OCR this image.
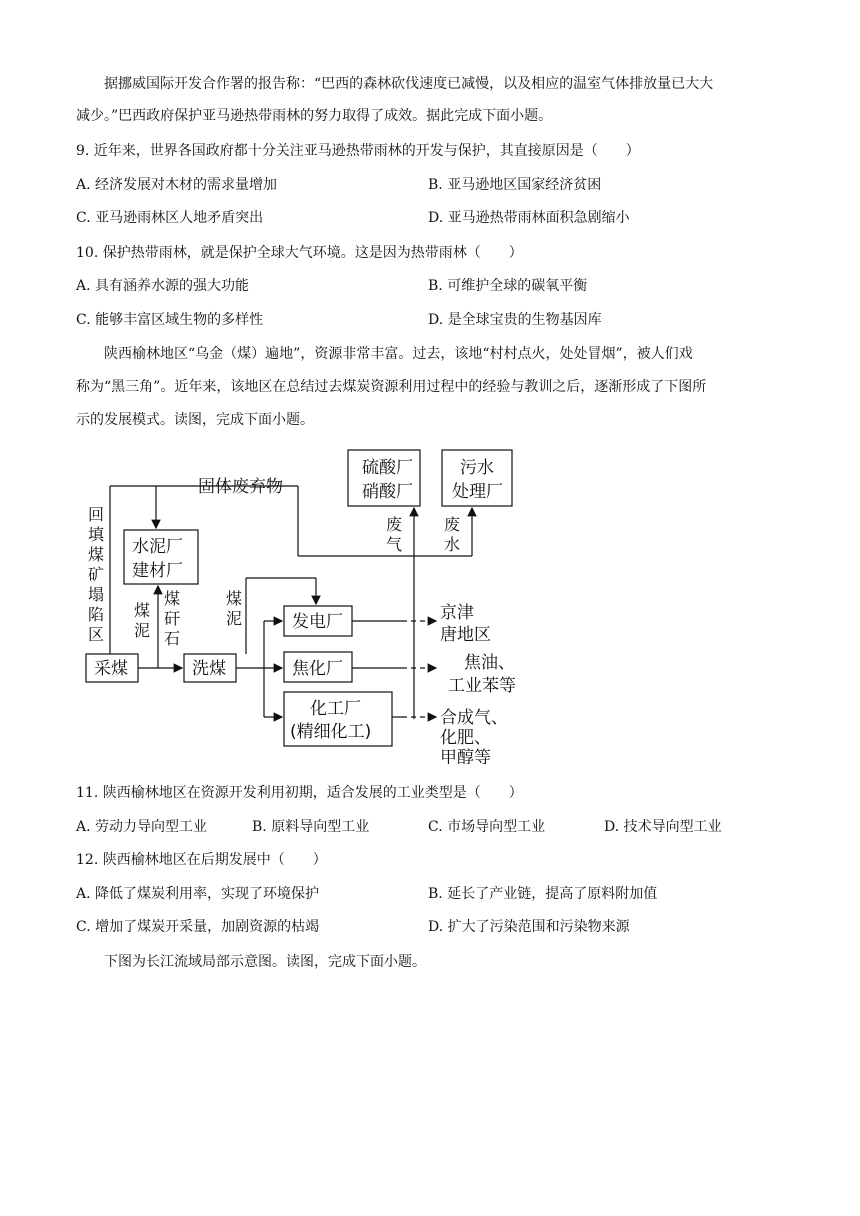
据挪威国际开发合作署的报告称：“巴西的森林砍伐速度已减慢，以及相应的温室气体排放量已大大
减少。”巴西政府保护亚马逊热带雨林的努力取得了成效。据此完成下面小题。
9. 近年来，世界各国政府都十分关注亚马逊热带雨林的开发与保护，其直接原因是（　　）
A. 经济发展对木材的需求量增加	B. 亚马逊地区国家经济贫困
C. 亚马逊雨林区人地矛盾突出	D. 亚马逊热带雨林面积急剧缩小
10. 保护热带雨林，就是保护全球大气环境。这是因为热带雨林（　　）
A. 具有涵养水源的强大功能	B. 可维护全球的碳氧平衡
C. 能够丰富区域生物的多样性	D. 是全球宝贵的生物基因库
陕西榆林地区“乌金（煤）遍地”，资源非常丰富。过去，该地“村村点火，处处冒烟”，被人们戏
称为“黑三角”。近年来，该地区在总结过去煤炭资源利用过程中的经验与教训之后，逐渐形成了下图所
示的发展模式。读图，完成下面小题。
硫酸厂
硝酸厂
污水
处理厂
固体废弃物
水泥厂
建材厂
发电厂
焦化厂
化工厂
(精细化工)
采煤	洗煤
京津
唐地区
焦油、
工业苯等
合成气、
化肥、
甲醇等
回
填
煤
矿
塌
陷
区
废
气
废
水
煤
泥
煤
矸
石
煤
泥
11. 陕西榆林地区在资源开发利用初期，适合发展的工业类型是（　　）
A. 劳动力导向型工业	B. 原料导向型工业	C. 市场导向型工业	D. 技术导向型工业
12. 陕西榆林地区在后期发展中（　　）
A. 降低了煤炭利用率，实现了环境保护	B. 延长了产业链，提高了原料附加值
C. 增加了煤炭开采量，加剧资源的枯竭	D. 扩大了污染范围和污染物来源
下图为长江流域局部示意图。读图，完成下面小题。
